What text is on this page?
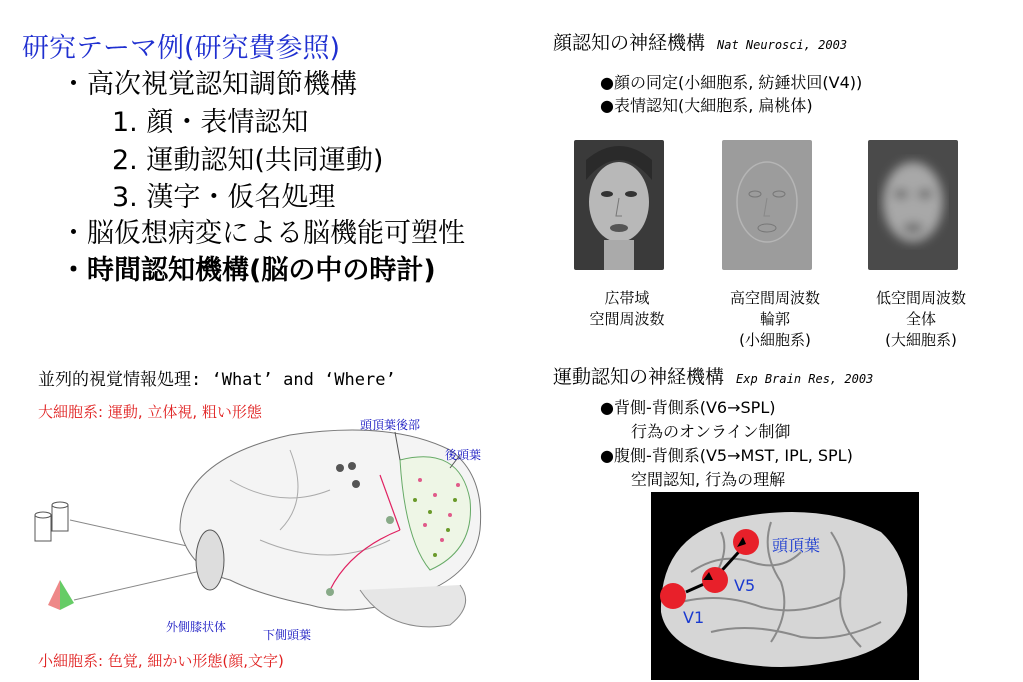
研究テーマ例(研究費参照)
・高次視覚認知調節機構
1. 顔・表情認知
2. 運動認知(共同運動)
3. 漢字・仮名処理
・脳仮想病変による脳機能可塑性
・時間認知機構(脳の中の時計)
顔認知の神経機構 Nat Neurosci, 2003
●顔の同定(小細胞系, 紡錘状回(V4))
●表情認知(大細胞系, 扁桃体)
広帯域
空間周波数
高空間周波数
輪郭
(小細胞系)
低空間周波数
全体
(大細胞系)
並列的視覚情報処理: ‘What’ and ‘Where’
大細胞系: 運動, 立体視, 粗い形態
小細胞系: 色覚, 細かい形態(顔,文字)
頭頂葉後部
後頭葉
外側膝状体
下側頭葉
運動認知の神経機構 Exp Brain Res, 2003
●背側-背側系(V6→SPL)
行為のオンライン制御
●腹側-背側系(V5→MST, IPL, SPL)
空間認知, 行為の理解
頭頂葉
V5
V1
